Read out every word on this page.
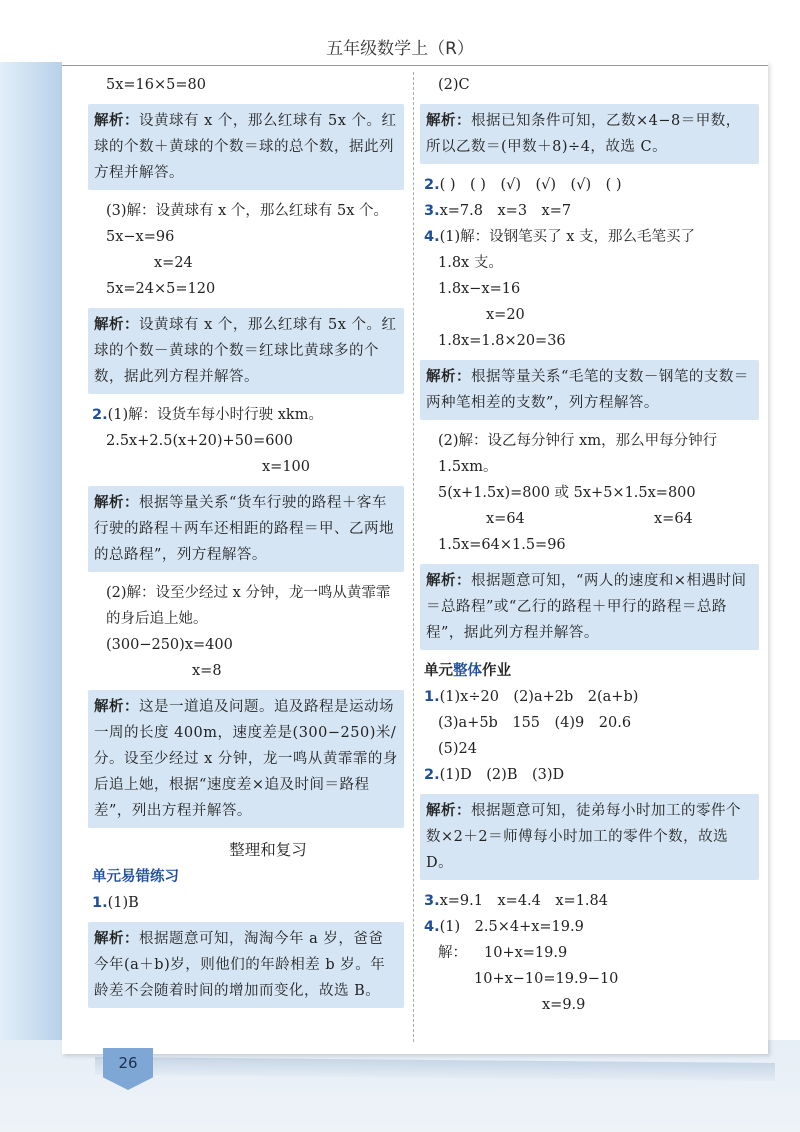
五年级数学上（R）
5x=16×5=80
解析：设黄球有 x 个，那么红球有 5x 个。红球的个数＋黄球的个数＝球的总个数，据此列方程并解答。
(3)解：设黄球有 x 个，那么红球有 5x 个。
5x−x=96
x=24
5x=24×5=120
解析：设黄球有 x 个，那么红球有 5x 个。红球的个数－黄球的个数＝红球比黄球多的个数，据此列方程并解答。
2.(1)解：设货车每小时行驶 xkm。
2.5x+2.5(x+20)+50=600
x=100
解析：根据等量关系“货车行驶的路程＋客车行驶的路程＋两车还相距的路程＝甲、乙两地的总路程”，列方程解答。
(2)解：设至少经过 x 分钟，龙一鸣从黄霏霏的身后追上她。
(300−250)x=400
x=8
解析：这是一道追及问题。追及路程是运动场一周的长度 400m，速度差是(300−250)米/分。设至少经过 x 分钟，龙一鸣从黄霏霏的身后追上她，根据“速度差×追及时间＝路程差”，列出方程并解答。
整理和复习
单元易错练习
1.(1)B
解析：根据题意可知，淘淘今年 a 岁，爸爸今年(a＋b)岁，则他们的年龄相差 b 岁。年龄差不会随着时间的增加而变化，故选 B。
(2)C
解析：根据已知条件可知，乙数×4−8＝甲数，所以乙数＝(甲数＋8)÷4，故选 C。
2.( )　( )　(√)　(√)　(√)　( )
3.x=7.8　x=3　x=7
4.(1)解：设钢笔买了 x 支，那么毛笔买了
1.8x 支。
1.8x−x=16
x=20
1.8x=1.8×20=36
解析：根据等量关系“毛笔的支数－钢笔的支数＝两种笔相差的支数”，列方程解答。
(2)解：设乙每分钟行 xm，那么甲每分钟行
1.5xm。
5(x+1.5x)=800 或 5x+5×1.5x=800
x=64	x=64
1.5x=64×1.5=96
解析：根据题意可知，“两人的速度和×相遇时间＝总路程”或“乙行的路程＋甲行的路程＝总路程”，据此列方程并解答。
单元整体作业
1.(1)x÷20　(2)a+2b　2(a+b)
(3)a+5b　155　(4)9　20.6
(5)24
2.(1)D　(2)B　(3)D
解析：根据题意可知，徒弟每小时加工的零件个数×2＋2＝师傅每小时加工的零件个数，故选 D。
3.x=9.1　x=4.4　x=1.84
4.(1)　2.5×4+x=19.9
解： 10+x=19.9
10+x−10=19.9−10
x=9.9
26
